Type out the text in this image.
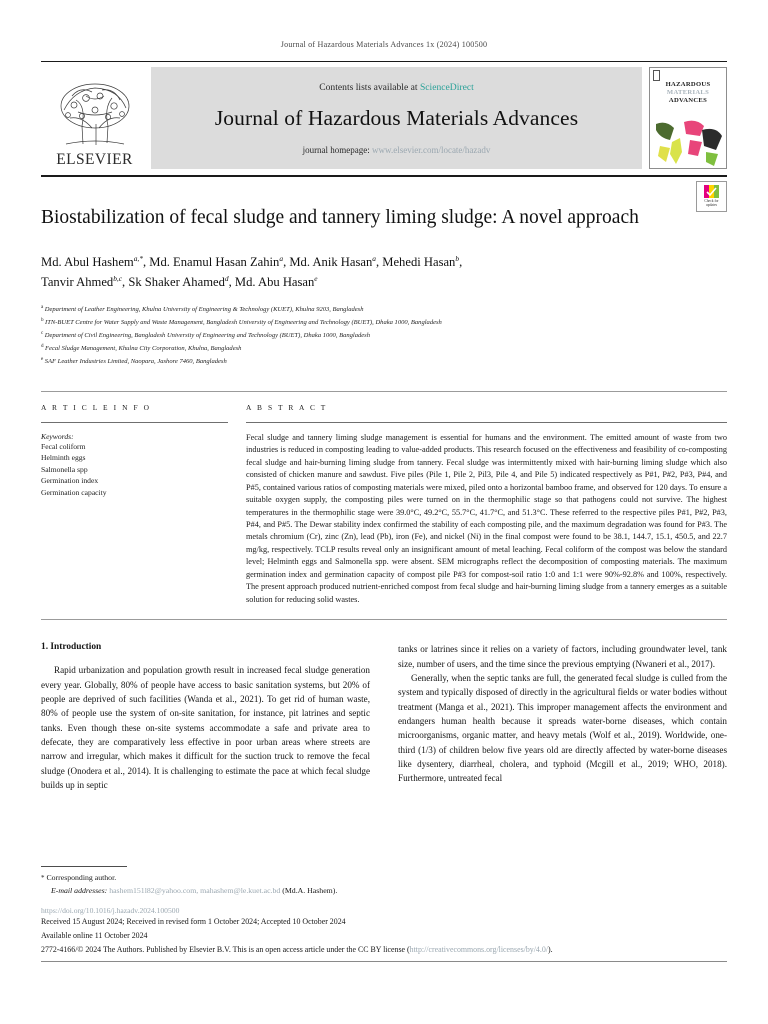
Journal of Hazardous Materials Advances 1x (2024) 100500
ELSEVIER
Contents lists available at ScienceDirect
Journal of Hazardous Materials Advances
journal homepage: www.elsevier.com/locate/hazadv
HAZARDOUS
MATERIALS
ADVANCES
Biostabilization of fecal sludge and tannery liming sludge: A novel approach
Check for
updates
Md. Abul Hashem$^{a,*}$, Md. Enamul Hasan Zahin$^a$, Md. Anik Hasan$^a$, Mehedi Hasan$^b$,
Tanvir Ahmed$^{b,c}$, Sk Shaker Ahamed$^d$, Md. Abu Hasan$^e$
$^a$ Department of Leather Engineering, Khulna University of Engineering & Technology (KUET), Khulna 9203, Bangladesh
$^b$ ITN-BUET Centre for Water Supply and Waste Management, Bangladesh University of Engineering and Technology (BUET), Dhaka 1000, Bangladesh
$^c$ Department of Civil Engineering, Bangladesh University of Engineering and Technology (BUET), Dhaka 1000, Bangladesh
$^d$ Fecal Sludge Management, Khulna City Corporation, Khulna, Bangladesh
$^e$ SAF Leather Industries Limited, Naopara, Jashore 7460, Bangladesh
A R T I C L E I N F O
Keywords:
Fecal coliform
Helminth eggs
Salmonella spp
Germination index
Germination capacity
A B S T R A C T
Fecal sludge and tannery liming sludge management is essential for humans and the environment. The emitted amount of waste from two industries is reduced in composting leading to value-added products. This research focused on the effectiveness and feasibility of co-composting fecal sludge and hair-burning liming sludge from tannery. Fecal sludge was intermittently mixed with hair-burning liming sludge which also consisted of chicken manure and sawdust. Five piles (Pile 1, Pile 2, Pil3, Pile 4, and Pile 5) indicated respectively as P#1, P#2, P#3, P#4, and P#5, contained various ratios of composting materials were mixed, piled onto a horizontal bamboo frame, and observed for 120 days. To ensure a suitable oxygen supply, the composting piles were turned on in the thermophilic stage so that pathogens could not survive. The highest temperatures in the thermophilic stage were 39.0°C, 49.2°C, 55.7°C, 41.7°C, and 51.3°C. These referred to the respective piles P#1, P#2, P#3, P#4, and P#5. The Dewar stability index confirmed the stability of each composting pile, and the maximum degradation was found for P#3. The metals chromium (Cr), zinc (Zn), lead (Pb), iron (Fe), and nickel (Ni) in the final compost were found to be 38.1, 144.7, 15.1, 450.5, and 22.7 mg/kg, respectively. TCLP results reveal only an insignificant amount of metal leaching. Fecal coliform of the compost was below the standard level; Helminth eggs and Salmonella spp. were absent. SEM micrographs reflect the decomposition of composting materials. The maximum germination index and germination capacity of compost pile P#3 for compost-soil ratio 1:0 and 1:1 were 90%-92.8% and 100%, respectively. The present approach produced nutrient-enriched compost from fecal sludge and hair-burning liming sludge from a tannery emerges as a suitable solution for reducing solid wastes.
1. Introduction

Rapid urbanization and population growth result in increased fecal sludge generation every year. Globally, 80% of people have access to basic sanitation systems, but 20% of people are deprived of such facilities (Wanda et al., 2021). To get rid of human waste, 80% of people use the system of on-site sanitation, for instance, pit latrines and septic tanks. Even though these on-site systems accommodate a safe and private area to defecate, they are comparatively less effective in poor urban areas where streets are narrow and irregular, which makes it difficult for the suction truck to remove the fecal sludge (Onodera et al., 2014). It is challenging to estimate the pace at which fecal sludge builds up in septic

tanks or latrines since it relies on a variety of factors, including groundwater level, tank size, number of users, and the time since the previous emptying (Nwaneri et al., 2017).

Generally, when the septic tanks are full, the generated fecal sludge is culled from the system and typically disposed of directly in the agricultural fields or water bodies without treatment (Manga et al., 2021). This improper management affects the environment and endangers human health because it spreads water-borne diseases, which contain microorganisms, organic matter, and heavy metals (Wolf et al., 2019). Worldwide, one-third (1/3) of children below five years old are directly affected by water-borne diseases like dysentery, diarrheal, cholera, and typhoid (Mcgill et al., 2019; WHO, 2018). Furthermore, untreated fecal

* Corresponding author.
E-mail addresses: hashem151l82@yahoo.com, mahashem@le.kuet.ac.bd (Md.A. Hashem).
https://doi.org/10.1016/j.hazadv.2024.100500
Received 15 August 2024; Received in revised form 1 October 2024; Accepted 10 October 2024
Available online 11 October 2024
2772-4166/© 2024 The Authors. Published by Elsevier B.V. This is an open access article under the CC BY license (http://creativecommons.org/licenses/by/4.0/).
